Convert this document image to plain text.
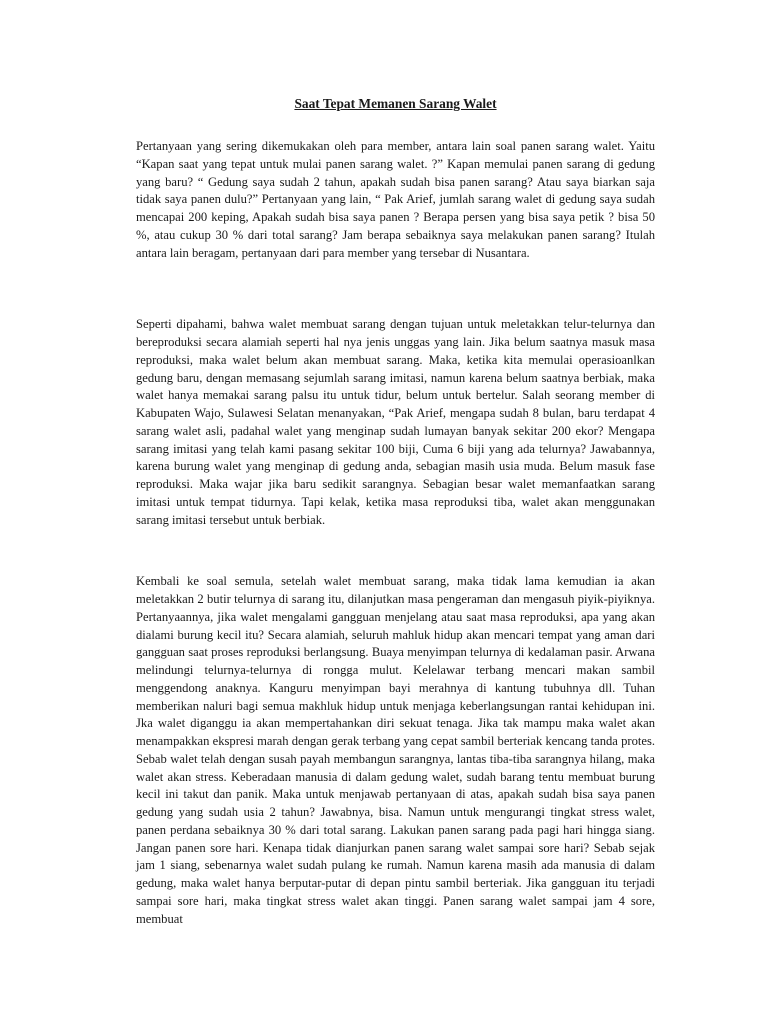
Saat Tepat Memanen Sarang Walet

Pertanyaan yang sering dikemukakan oleh para member, antara lain soal panen sarang walet. Yaitu “Kapan saat yang tepat untuk mulai panen sarang walet. ?” Kapan memulai panen sarang di gedung yang baru? “ Gedung saya sudah 2 tahun, apakah sudah bisa panen sarang? Atau saya biarkan saja tidak saya panen dulu?” Pertanyaan yang lain, “ Pak Arief, jumlah sarang walet di gedung saya sudah mencapai 200 keping, Apakah sudah bisa saya panen ? Berapa persen yang bisa saya petik ? bisa 50 %, atau cukup 30 % dari total sarang? Jam berapa sebaiknya saya melakukan panen sarang? Itulah antara lain beragam, pertanyaan dari para member yang tersebar di Nusantara.

Seperti dipahami, bahwa walet membuat sarang dengan tujuan untuk meletakkan telur-telurnya dan bereproduksi secara alamiah seperti hal nya jenis unggas yang lain. Jika belum saatnya masuk masa reproduksi, maka walet belum akan membuat sarang. Maka, ketika kita memulai operasioanlkan gedung baru, dengan memasang sejumlah sarang imitasi, namun karena belum saatnya berbiak, maka walet hanya memakai sarang palsu itu untuk tidur, belum untuk bertelur. Salah seorang member di Kabupaten Wajo, Sulawesi Selatan menanyakan, “Pak Arief, mengapa sudah 8 bulan, baru terdapat 4 sarang walet asli, padahal walet yang menginap sudah lumayan banyak sekitar 200 ekor? Mengapa sarang imitasi yang telah kami pasang sekitar 100 biji, Cuma 6 biji yang ada telurnya? Jawabannya, karena burung walet yang menginap di gedung anda, sebagian masih usia muda. Belum masuk fase reproduksi. Maka wajar jika baru sedikit sarangnya. Sebagian besar walet memanfaatkan sarang imitasi untuk tempat tidurnya. Tapi kelak, ketika masa reproduksi tiba, walet akan menggunakan sarang imitasi tersebut untuk berbiak.

Kembali ke soal semula, setelah walet membuat sarang, maka tidak lama kemudian ia akan meletakkan 2 butir telurnya di sarang itu, dilanjutkan masa pengeraman dan mengasuh piyik-piyiknya. Pertanyaannya, jika walet mengalami gangguan menjelang atau saat masa reproduksi, apa yang akan dialami burung kecil itu? Secara alamiah, seluruh mahluk hidup akan mencari tempat yang aman dari gangguan saat proses reproduksi berlangsung. Buaya menyimpan telurnya di kedalaman pasir. Arwana melindungi telurnya-telurnya di rongga mulut. Kelelawar terbang mencari makan sambil menggendong anaknya. Kanguru menyimpan bayi merahnya di kantung tubuhnya dll. Tuhan memberikan naluri bagi semua makhluk hidup untuk menjaga keberlangsungan rantai kehidupan ini. Jka walet diganggu ia akan mempertahankan diri sekuat tenaga. Jika tak mampu maka walet akan menampakkan ekspresi marah dengan gerak terbang yang cepat sambil berteriak kencang tanda protes. Sebab walet telah dengan susah payah membangun sarangnya, lantas tiba-tiba sarangnya hilang, maka walet akan stress. Keberadaan manusia di dalam gedung walet, sudah barang tentu membuat burung kecil ini takut dan panik. Maka untuk menjawab pertanyaan di atas, apakah sudah bisa saya panen gedung yang sudah usia 2 tahun? Jawabnya, bisa. Namun untuk mengurangi tingkat stress walet, panen perdana sebaiknya 30 % dari total sarang. Lakukan panen sarang pada pagi hari hingga siang. Jangan panen sore hari. Kenapa tidak dianjurkan panen sarang walet sampai sore hari? Sebab sejak jam 1 siang, sebenarnya walet sudah pulang ke rumah. Namun karena masih ada manusia di dalam gedung, maka walet hanya berputar-putar di depan pintu sambil berteriak. Jika gangguan itu terjadi sampai sore hari, maka tingkat stress walet akan tinggi. Panen sarang walet sampai jam 4 sore, membuat
